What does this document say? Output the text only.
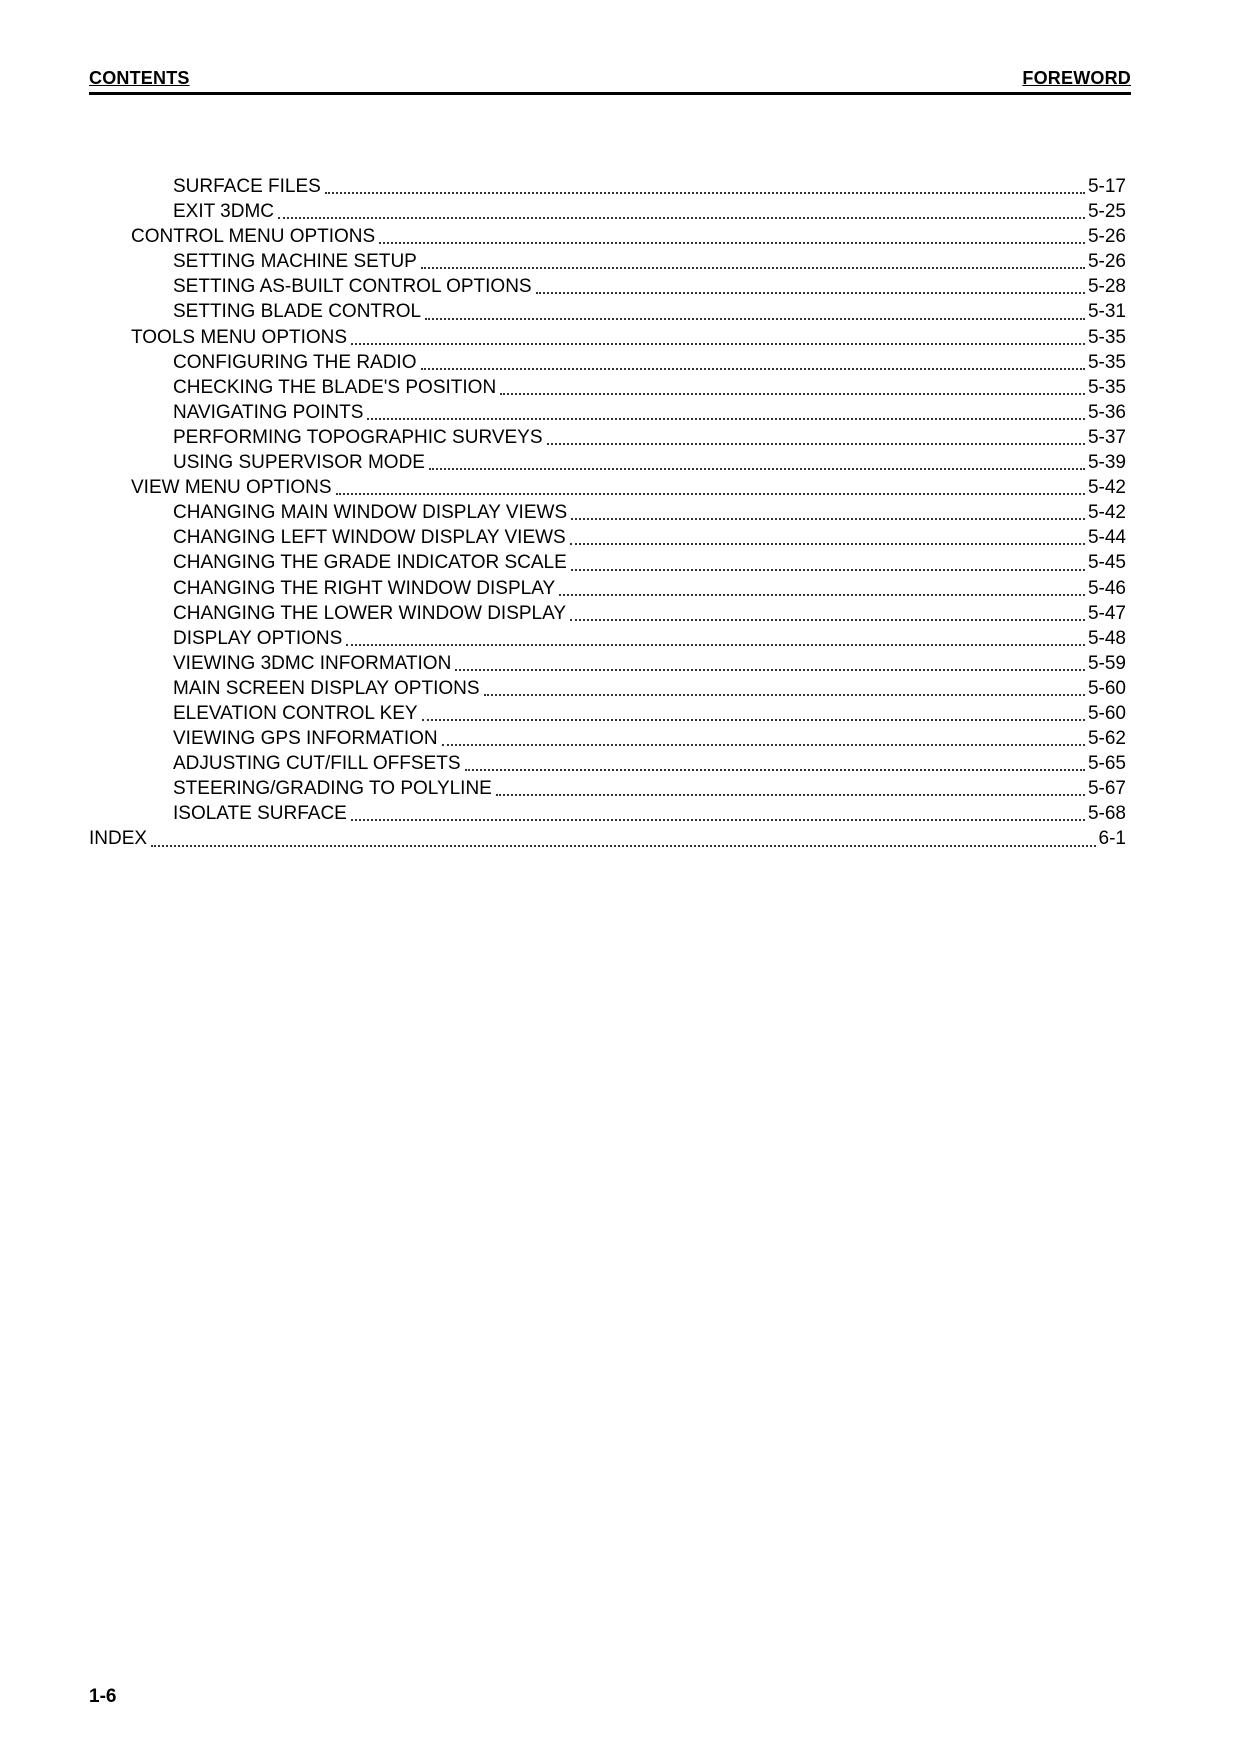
CONTENTS	FOREWORD
SURFACE FILES	5-17
EXIT 3DMC	5-25
CONTROL MENU OPTIONS	5-26
SETTING MACHINE SETUP	5-26
SETTING AS-BUILT CONTROL OPTIONS	5-28
SETTING BLADE CONTROL	5-31
TOOLS MENU OPTIONS	5-35
CONFIGURING THE RADIO	5-35
CHECKING THE BLADE'S POSITION	5-35
NAVIGATING POINTS	5-36
PERFORMING TOPOGRAPHIC SURVEYS	5-37
USING SUPERVISOR MODE	5-39
VIEW MENU OPTIONS	5-42
CHANGING MAIN WINDOW DISPLAY VIEWS	5-42
CHANGING LEFT WINDOW DISPLAY VIEWS	5-44
CHANGING THE GRADE INDICATOR SCALE	5-45
CHANGING THE RIGHT WINDOW DISPLAY	5-46
CHANGING THE LOWER WINDOW DISPLAY	5-47
DISPLAY OPTIONS	5-48
VIEWING 3DMC INFORMATION	5-59
MAIN SCREEN DISPLAY OPTIONS	5-60
ELEVATION CONTROL KEY	5-60
VIEWING GPS INFORMATION	5-62
ADJUSTING CUT/FILL OFFSETS	5-65
STEERING/GRADING TO POLYLINE	5-67
ISOLATE SURFACE	5-68
INDEX	6-1
1-6
